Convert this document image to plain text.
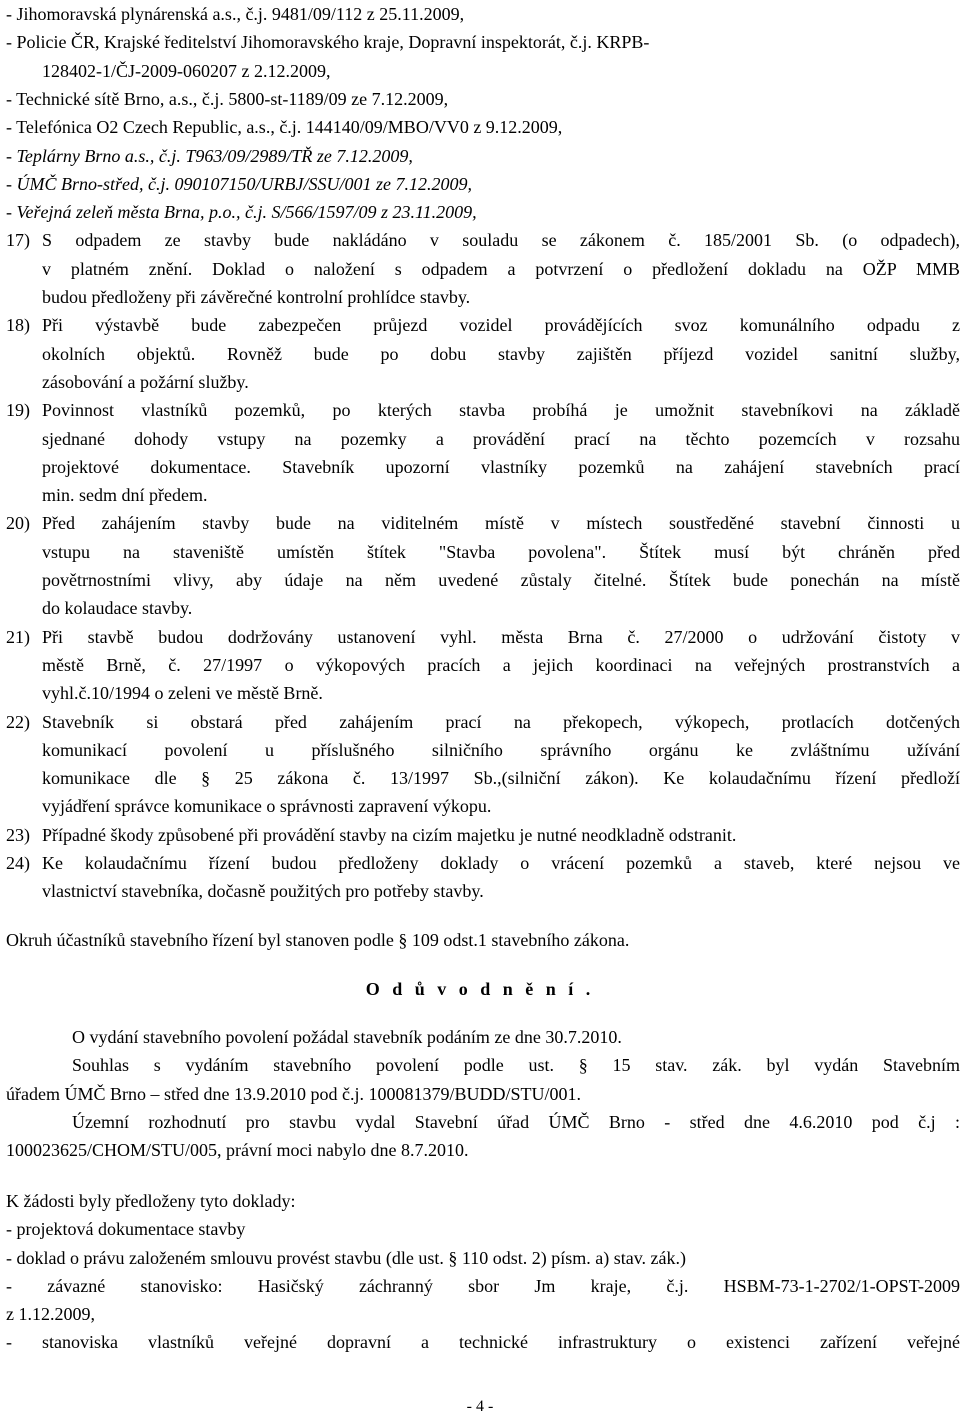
- Jihomoravská plynárenská a.s., č.j. 9481/09/112 z 25.11.2009,
- Policie ČR, Krajské ředitelství Jihomoravského kraje, Dopravní inspektorát, č.j. KRPB-
128402-1/ČJ-2009-060207 z 2.12.2009,
- Technické sítě Brno, a.s., č.j. 5800-st-1189/09 ze 7.12.2009,
- Telefónica O2 Czech Republic, a.s., č.j. 144140/09/MBO/VV0 z 9.12.2009,
- Teplárny Brno a.s., č.j. T963/09/2989/TŘ ze 7.12.2009,
- ÚMČ Brno-střed, č.j. 090107150/URBJ/SSU/001 ze 7.12.2009,
- Veřejná zeleň města Brna, p.o., č.j. S/566/1597/09 z 23.11.2009,
17) S odpadem ze stavby bude nakládáno v souladu se zákonem č. 185/2001 Sb. (o odpadech),
v platném znění. Doklad o naložení s odpadem a potvrzení o předložení dokladu na OŽP MMB
budou předloženy při závěrečné kontrolní prohlídce stavby.
18) Při výstavbě bude zabezpečen průjezd vozidel provádějících svoz komunálního odpadu z
okolních objektů. Rovněž bude po dobu stavby zajištěn příjezd vozidel sanitní služby,
zásobování a požární služby.
19) Povinnost vlastníků pozemků, po kterých stavba probíhá je umožnit stavebníkovi na základě
sjednané dohody vstupy na pozemky a provádění prací na těchto pozemcích v rozsahu
projektové dokumentace. Stavebník upozorní vlastníky pozemků na zahájení stavebních prací
min. sedm dní předem.
20) Před zahájením stavby bude na viditelném místě v místech soustředěné stavební činnosti u
vstupu na staveniště umístěn štítek "Stavba povolena". Štítek musí být chráněn před
povětrnostními vlivy, aby údaje na něm uvedené zůstaly čitelné. Štítek bude ponechán na místě
do kolaudace stavby.
21) Při stavbě budou dodržovány ustanovení vyhl. města Brna č. 27/2000 o udržování čistoty v
městě Brně, č. 27/1997 o výkopových pracích a jejich koordinaci na veřejných prostranstvích a
vyhl.č.10/1994 o zeleni ve městě Brně.
22) Stavebník si obstará před zahájením prací na překopech, výkopech, protlacích dotčených
komunikací povolení u příslušného silničního správního orgánu ke zvláštnímu užívání
komunikace dle § 25 zákona č. 13/1997 Sb.,(silniční zákon). Ke kolaudačnímu řízení předloží
vyjádření správce komunikace o správnosti zapravení výkopu.
23) Případné škody způsobené při provádění stavby na cizím majetku je nutné neodkladně odstranit.
24) Ke kolaudačnímu řízení budou předloženy doklady o vrácení pozemků a staveb, které nejsou ve
vlastnictví stavebníka, dočasně použitých pro potřeby stavby.
Okruh účastníků stavebního řízení byl stanoven podle § 109 odst.1 stavebního zákona.
O d ů v o d n ě n í .
O vydání stavebního povolení požádal stavebník podáním ze dne 30.7.2010.
Souhlas s vydáním stavebního povolení podle ust. § 15 stav. zák. byl vydán Stavebním
úřadem ÚMČ Brno – střed dne 13.9.2010 pod č.j. 100081379/BUDD/STU/001.
Územní rozhodnutí pro stavbu vydal Stavební úřad ÚMČ Brno - střed dne 4.6.2010 pod č.j :
100023625/CHOM/STU/005, právní moci nabylo dne 8.7.2010.
K žádosti byly předloženy tyto doklady:
- projektová dokumentace stavby
- doklad o právu založeném smlouvu provést stavbu (dle ust. § 110 odst. 2) písm. a) stav. zák.)
- závazné stanovisko: Hasičský záchranný sbor Jm kraje, č.j. HSBM-73-1-2702/1-OPST-2009
z 1.12.2009,
- stanoviska vlastníků veřejné dopravní a technické infrastruktury o existenci zařízení veřejné
- 4 -
